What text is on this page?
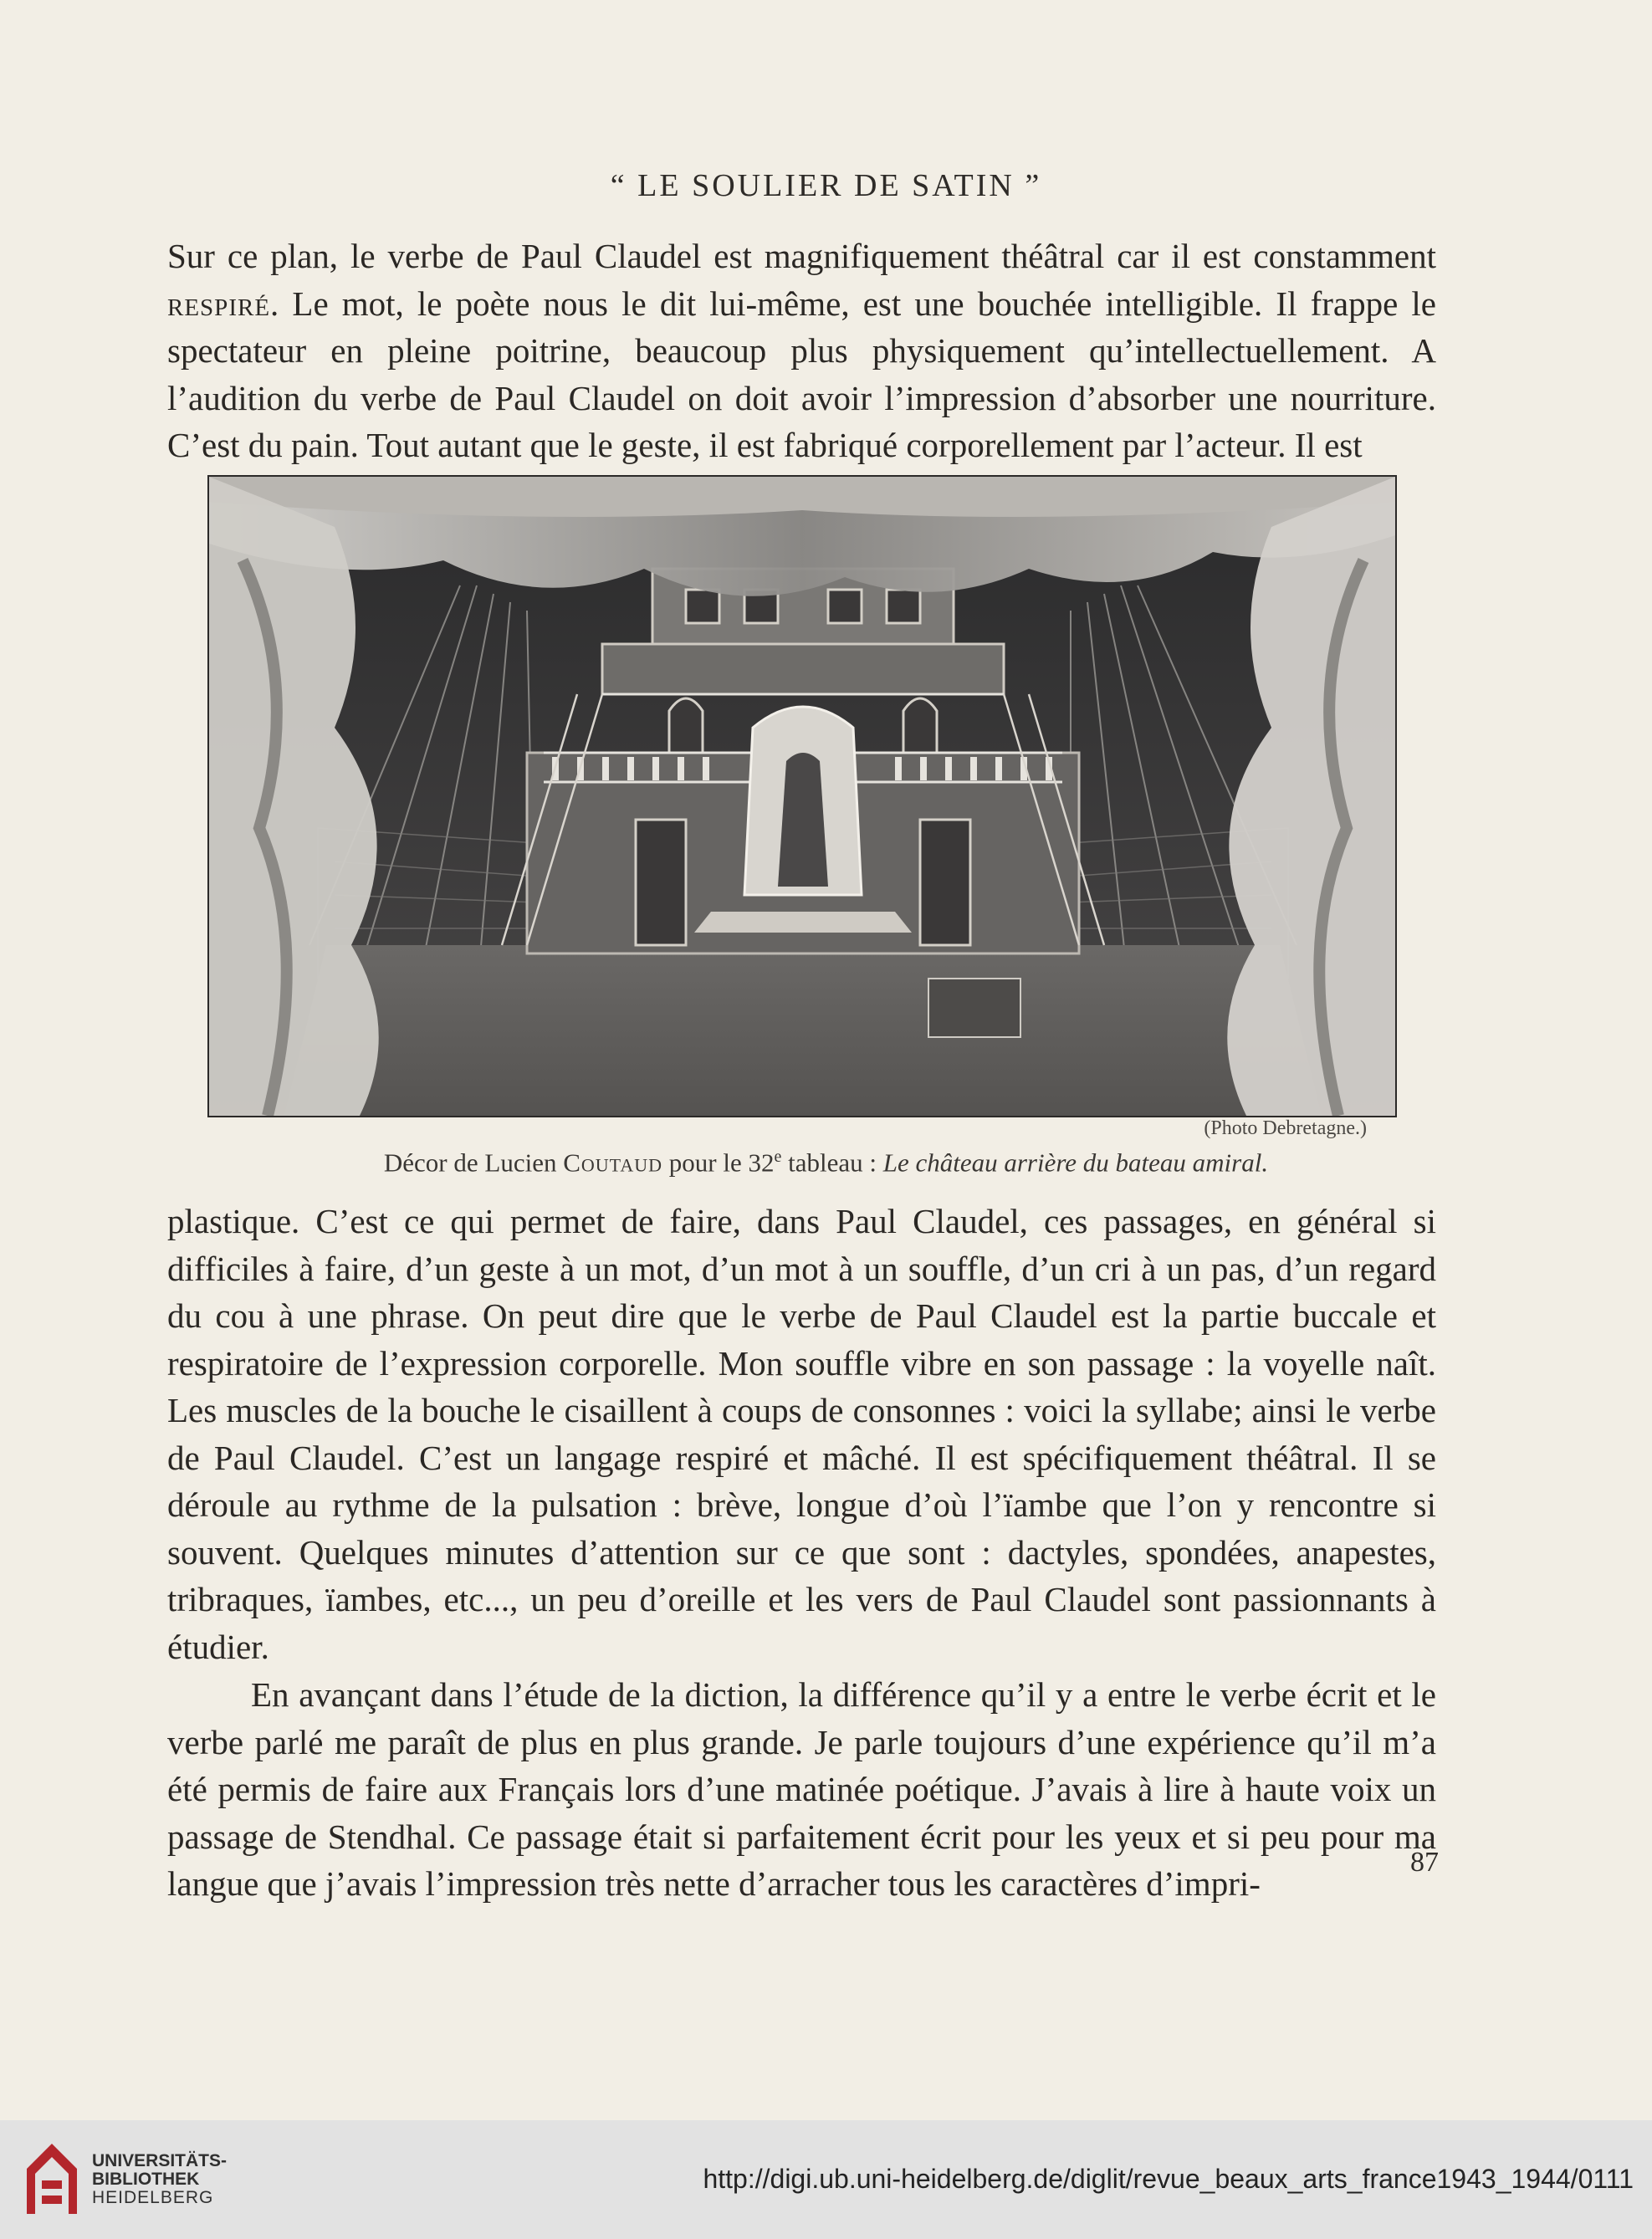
“ LE SOULIER DE SATIN ”

Sur ce plan, le verbe de Paul Claudel est magnifiquement théâtral car il est constamment respiré. Le mot, le poète nous le dit lui-même, est une bouchée intelligible. Il frappe le spectateur en pleine poitrine, beaucoup plus physiquement qu’intellectuellement. A l’audition du verbe de Paul Claudel on doit avoir l’impression d’absorber une nourriture. C’est du pain. Tout autant que le geste, il est fabriqué corporellement par l’acteur. Il est

(Photo Debretagne.)
Décor de Lucien Coutaud pour le 32e tableau : Le château arrière du bateau amiral.

plastique. C’est ce qui permet de faire, dans Paul Claudel, ces passages, en général si difficiles à faire, d’un geste à un mot, d’un mot à un souffle, d’un cri à un pas, d’un regard du cou à une phrase. On peut dire que le verbe de Paul Claudel est la partie buccale et respiratoire de l’expression corporelle. Mon souffle vibre en son passage : la voyelle naît. Les muscles de la bouche le cisaillent à coups de consonnes : voici la syllabe; ainsi le verbe de Paul Claudel. C’est un langage respiré et mâché. Il est spécifiquement théâtral. Il se déroule au rythme de la pulsation : brève, longue d’où l’ïambe que l’on y rencontre si souvent. Quelques minutes d’attention sur ce que sont : dactyles, spondées, anapestes, tribraques, ïambes, etc..., un peu d’oreille et les vers de Paul Claudel sont passionnants à étudier.

En avançant dans l’étude de la diction, la différence qu’il y a entre le verbe écrit et le verbe parlé me paraît de plus en plus grande. Je parle toujours d’une expérience qu’il m’a été permis de faire aux Français lors d’une matinée poétique. J’avais à lire à haute voix un passage de Stendhal. Ce passage était si parfaitement écrit pour les yeux et si peu pour ma langue que j’avais l’impression très nette d’arracher tous les caractères d’impri-

87
UNIVERSITÄTS-
BIBLIOTHEK
HEIDELBERG
http://digi.ub.uni-heidelberg.de/diglit/revue_beaux_arts_france1943_1944/0111
